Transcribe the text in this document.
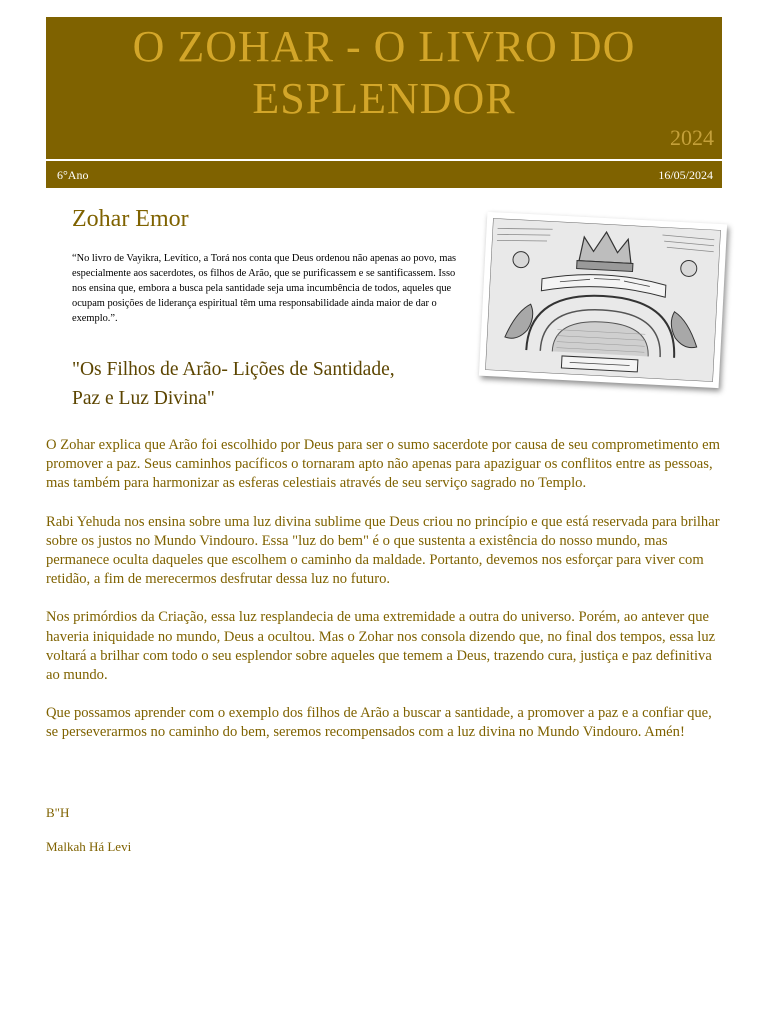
O ZOHAR - O LIVRO DO ESPLENDOR
2024
6°Ano	16/05/2024
Zohar Emor
“No livro de Vayikra, Levítico, a Torá nos conta que Deus ordenou não apenas ao povo, mas especialmente aos sacerdotes, os filhos de Arão, que se purificassem e se santificassem. Isso nos ensina que, embora a busca pela santidade seja uma incumbência de todos, aqueles que ocupam posições de liderança espiritual têm uma responsabilidade ainda maior de dar o exemplo.”.
"Os Filhos de Arão- Lições de Santidade, Paz e Luz Divina"

O Zohar explica que Arão foi escolhido por Deus para ser o sumo sacerdote por causa de seu comprometimento em promover a paz. Seus caminhos pacíficos o tornaram apto não apenas para apaziguar os conflitos entre as pessoas, mas também para harmonizar as esferas celestiais através de seu serviço sagrado no Templo.

Rabi Yehuda nos ensina sobre uma luz divina sublime que Deus criou no princípio e que está reservada para brilhar sobre os justos no Mundo Vindouro. Essa "luz do bem" é o que sustenta a existência do nosso mundo, mas permanece oculta daqueles que escolhem o caminho da maldade. Portanto, devemos nos esforçar para viver com retidão, a fim de merecermos desfrutar dessa luz no futuro.

Nos primórdios da Criação, essa luz resplandecia de uma extremidade a outra do universo. Porém, ao antever que haveria iniquidade no mundo, Deus a ocultou. Mas o Zohar nos consola dizendo que, no final dos tempos, essa luz voltará a brilhar com todo o seu esplendor sobre aqueles que temem a Deus, trazendo cura, justiça e paz definitiva ao mundo.

Que possamos aprender com o exemplo dos filhos de Arão a buscar a santidade, a promover a paz e a confiar que, se perseverarmos no caminho do bem, seremos recompensados com a luz divina no Mundo Vindouro. Amén!

B"H
Malkah Há Levi
